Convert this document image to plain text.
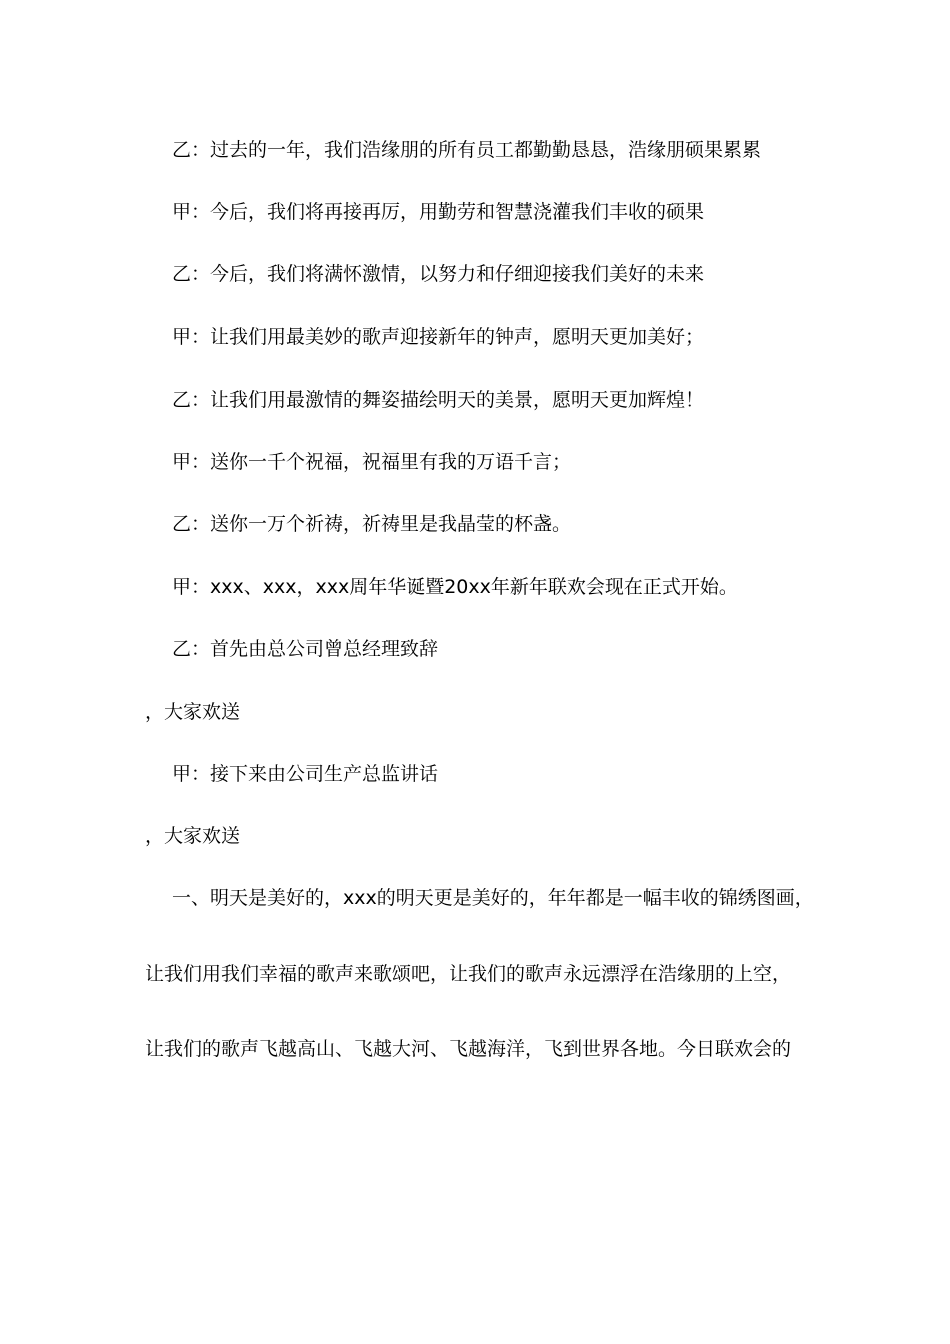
乙：过去的一年，我们浩缘朋的所有员工都勤勤恳恳，浩缘朋硕果累累
甲：今后，我们将再接再厉，用勤劳和智慧浇灌我们丰收的硕果
乙：今后，我们将满怀激情，以努力和仔细迎接我们美好的未来
甲：让我们用最美妙的歌声迎接新年的钟声，愿明天更加美好；
乙：让我们用最激情的舞姿描绘明天的美景，愿明天更加辉煌！
甲：送你一千个祝福，祝福里有我的万语千言；
乙：送你一万个祈祷，祈祷里是我晶莹的杯盏。
甲：xxx、xxx，xxx周年华诞暨20xx年新年联欢会现在正式开始。
乙：首先由总公司曾总经理致辞
，大家欢送
甲：接下来由公司生产总监讲话
，大家欢送
一、明天是美好的，xxx的明天更是美好的，年年都是一幅丰收的锦绣图画，
让我们用我们幸福的歌声来歌颂吧，让我们的歌声永远漂浮在浩缘朋的上空，
让我们的歌声飞越高山、飞越大河、飞越海洋，飞到世界各地。今日联欢会的
